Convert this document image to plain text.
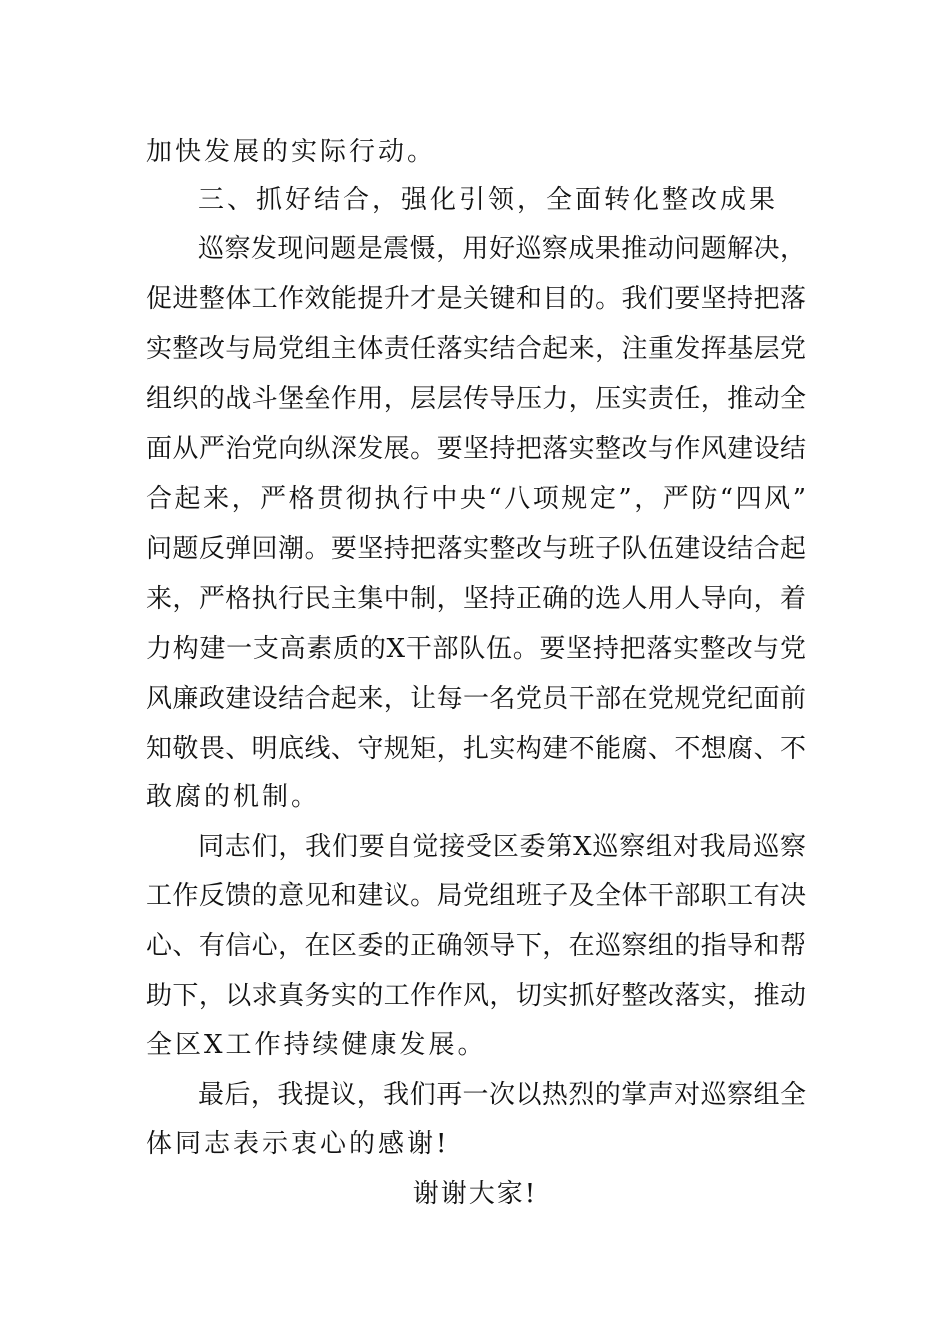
加快发展的实际行动。
三、抓好结合，强化引领，全面转化整改成果
巡察发现问题是震慑，用好巡察成果推动问题解决，
促进整体工作效能提升才是关键和目的。我们要坚持把落
实整改与局党组主体责任落实结合起来，注重发挥基层党
组织的战斗堡垒作用，层层传导压力，压实责任，推动全
面从严治党向纵深发展。要坚持把落实整改与作风建设结
合起来，严格贯彻执行中央“八项规定”，严防“四风”
问题反弹回潮。要坚持把落实整改与班子队伍建设结合起
来，严格执行民主集中制，坚持正确的选人用人导向，着
力构建一支高素质的X干部队伍。要坚持把落实整改与党
风廉政建设结合起来，让每一名党员干部在党规党纪面前
知敬畏、明底线、守规矩，扎实构建不能腐、不想腐、不
敢腐的机制。
同志们，我们要自觉接受区委第X巡察组对我局巡察
工作反馈的意见和建议。局党组班子及全体干部职工有决
心、有信心，在区委的正确领导下，在巡察组的指导和帮
助下，以求真务实的工作作风，切实抓好整改落实，推动
全区X工作持续健康发展。
最后，我提议，我们再一次以热烈的掌声对巡察组全
体同志表示衷心的感谢!
谢谢大家!
